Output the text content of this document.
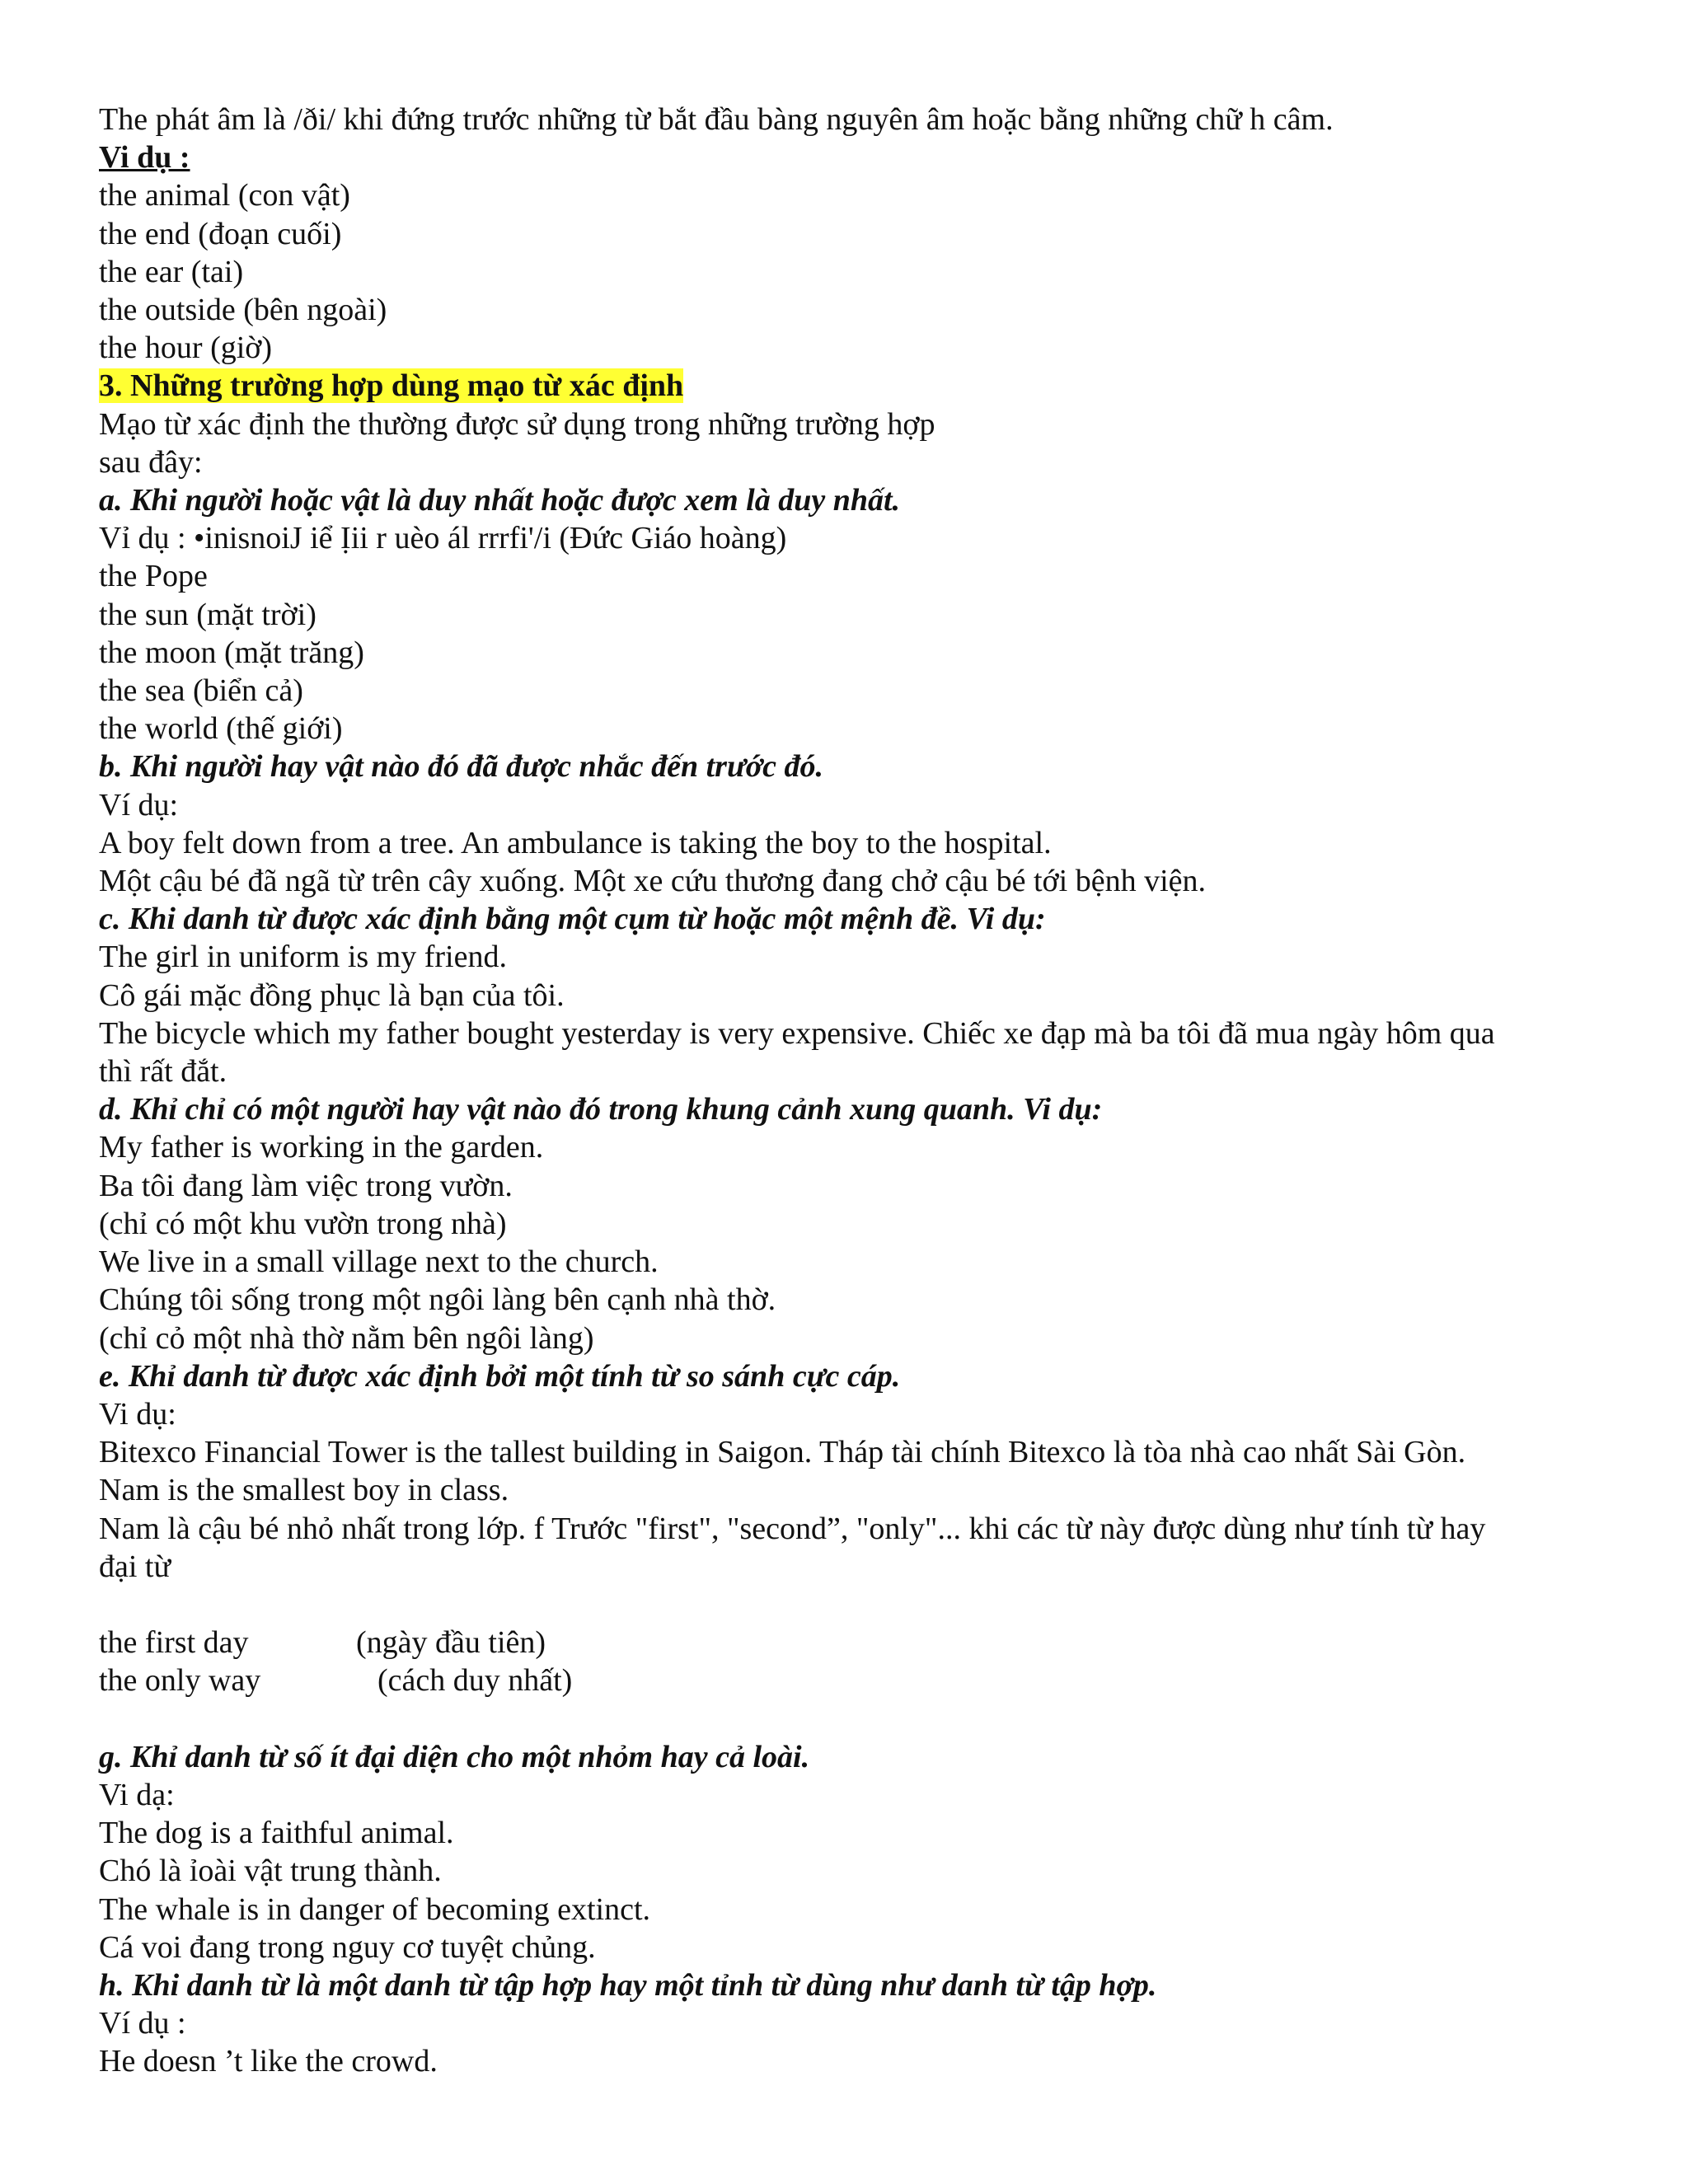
The phát âm là /ði/ khi đứng trước những từ bắt đầu bàng nguyên âm hoặc bằng những chữ h câm.
Vi dụ :
the animal (con vật)
the end (đoạn cuối)
the ear (tai)
the outside (bên ngoài)
the hour (giờ)
3. Những trường hợp dùng mạo từ xác định
Mạo từ xác định the thường được sử dụng trong những trường hợp
sau đây:
a. Khi người hoặc vật là duy nhất hoặc được xem là duy nhất.
Vỉ dụ : •inisnoiJ iể Ịii r uèo ál rrrfi'/i (Đức Giáo hoàng)
the Pope
the sun (mặt trời)
the moon (mặt trăng)
the sea (biển cả)
the world (thế giới)
b. Khi người hay vật nào đó đã được nhắc đến trước đó.
Ví dụ:
A boy felt down from a tree. An ambulance is taking the boy to the hospital.
Một cậu bé đã ngã từ trên cây xuống. Một xe cứu thương đang chở cậu bé tới bệnh viện.
c. Khi danh từ được xác định bằng một cụm từ hoặc một mệnh đề. Vi dụ:
The girl in uniform is my friend.
Cô gái mặc đồng phục là bạn của tôi.
The bicycle which my father bought yesterday is very expensive. Chiếc xe đạp mà ba tôi đã mua ngày hôm qua
thì rất đắt.
d. Khỉ chỉ có một người hay vật nào đó trong khung cảnh xung quanh. Vi dụ:
My father is working in the garden.
Ba tôi đang làm việc trong vườn.
(chỉ có một khu vườn trong nhà)
We live in a small village next to the church.
Chúng tôi sống trong một ngôi làng bên cạnh nhà thờ.
(chỉ cỏ một nhà thờ nằm bên ngôi làng)
e. Khỉ danh từ được xác định bởi một tính từ so sánh cực cáp.
Vi dụ:
Bitexco Financial Tower is the tallest building in Saigon. Tháp tài chính Bitexco là tòa nhà cao nhất Sài Gòn.
Nam is the smallest boy in class.
Nam là cậu bé nhỏ nhất trong lớp. f Trước "first", "second”, "only"... khi các từ này được dùng như tính từ hay
đại từ
the first day	(ngày đầu tiên)
the only way	(cách duy nhất)
g. Khỉ danh từ số ít đại diện cho một nhỏm hay cả loài.
Vi dạ:
The dog is a faithful animal.
Chó là ỉoài vật trung thành.
The whale is in danger of becoming extinct.
Cá voi đang trong nguy cơ tuyệt chủng.
h. Khi danh từ là một danh từ tập hợp hay một tỉnh từ dùng như danh từ tập hợp.
Ví dụ :
He doesn ’t like the crowd.
